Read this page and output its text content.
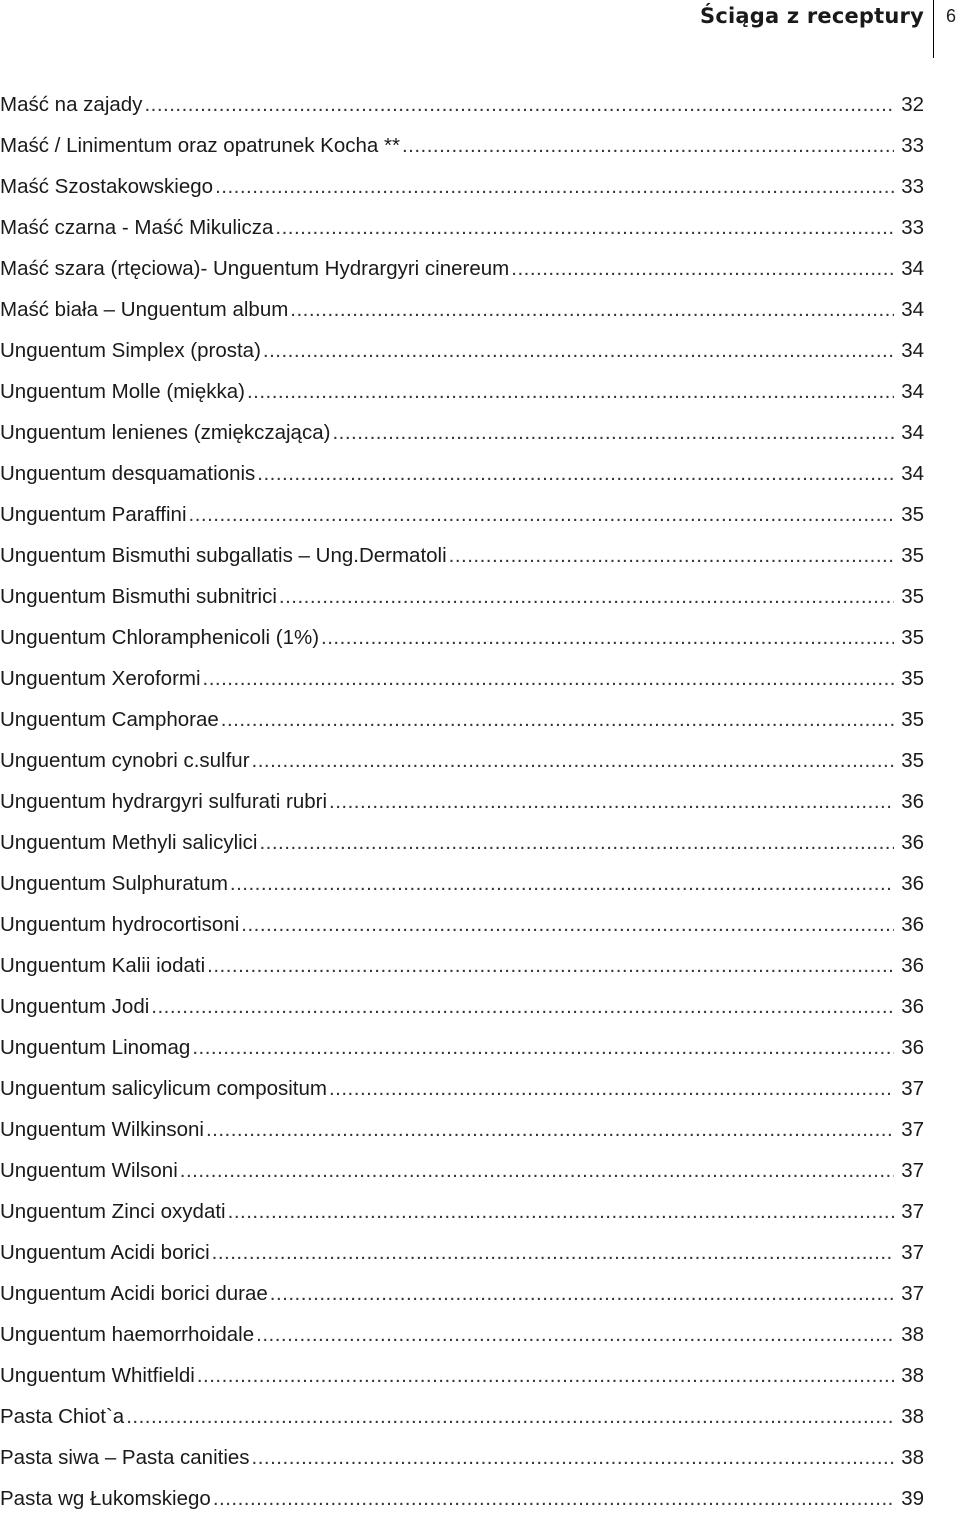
Ściąga z receptury 6
Maść na zajady . . .	32
Maść / Linimentum oraz opatrunek Kocha ** . . .	33
Maść Szostakowskiego . . .	33
Maść czarna - Maść Mikulicza . . .	33
Maść szara (rtęciowa)- Unguentum Hydrargyri cinereum . . .	34
Maść biała – Unguentum album . . .	34
Unguentum Simplex (prosta) . . .	34
Unguentum Molle (miękka) . . .	34
Unguentum lenienes (zmiękczająca) . . .	34
Unguentum desquamationis . . .	34
Unguentum Paraffini . . .	35
Unguentum Bismuthi subgallatis – Ung.Dermatoli . . .	35
Unguentum Bismuthi subnitrici . . .	35
Unguentum Chloramphenicoli (1%) . . .	35
Unguentum Xeroformi . . .	35
Unguentum Camphorae . . .	35
Unguentum cynobri c.sulfur . . .	35
Unguentum hydrargyri sulfurati rubri . . .	36
Unguentum Methyli salicylici . . .	36
Unguentum Sulphuratum . . .	36
Unguentum hydrocortisoni . . .	36
Unguentum Kalii iodati . . .	36
Unguentum Jodi . . .	36
Unguentum Linomag . . .	36
Unguentum salicylicum compositum . . .	37
Unguentum Wilkinsoni . . .	37
Unguentum Wilsoni . . .	37
Unguentum Zinci oxydati . . .	37
Unguentum Acidi borici . . .	37
Unguentum Acidi borici durae . . .	37
Unguentum haemorrhoidale . . .	38
Unguentum Whitfieldi . . .	38
Pasta Chiot`a . . .	38
Pasta siwa – Pasta canities . . .	38
Pasta wg Łukomskiego . . .	39
